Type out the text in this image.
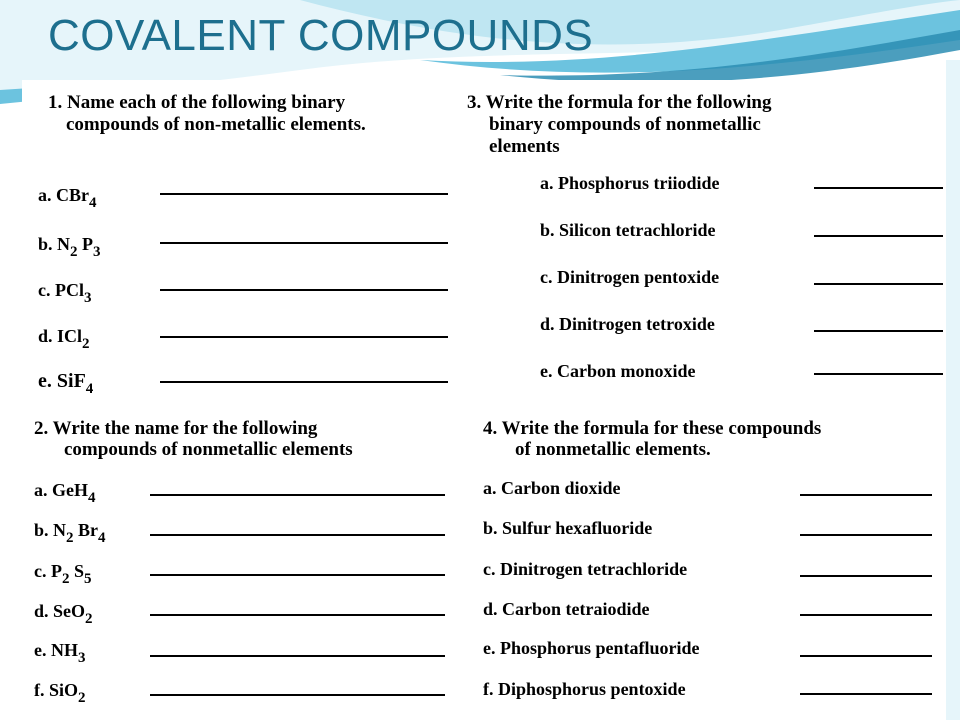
COVALENT COMPOUNDS
1. Name each of the following binary
compounds of non-metallic elements.
a. CBr$_4$
b. $N_2$ $P_3$
c. PCl$_3$
d. ICl$_2$
e. SiF$_4$
3. Write the formula for the following
binary compounds of nonmetallic
elements
a. Phosphorus triiodide
b. Silicon tetrachloride
c. Dinitrogen pentoxide
d. Dinitrogen tetroxide
e. Carbon monoxide
2. Write the name for the following
compounds of nonmetallic elements
a. GeH$_4$
b. $N_2$ $Br_4$
c. $P_2$ $S_5$
d. SeO$_2$
e. $NH_3$
f. SiO$_2$
4. Write the formula for these compounds
of nonmetallic elements.
a. Carbon dioxide
b. Sulfur hexafluoride
c. Dinitrogen tetrachloride
d. Carbon tetraiodide
e. Phosphorus pentafluoride
f. Diphosphorus pentoxide
